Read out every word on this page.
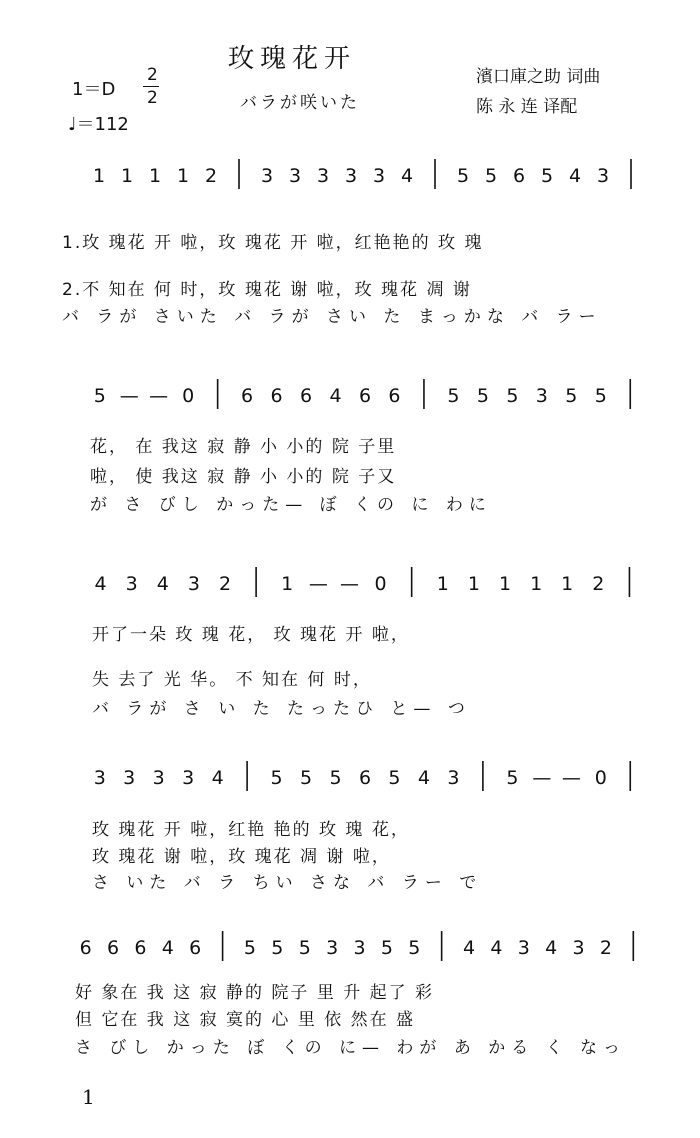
玫瑰花开
バラが咲いた
1＝D
2
2
♩＝112
濱口庫之助 词曲
陈 永 连 译配
1 1 1 1 2 3 3 3 3 3 4 5 5 6 5 4 3
1.玫 瑰花 开 啦，玫 瑰花 开 啦，红艳艳的 玫 瑰
2.不 知在 何 时，玫 瑰花 谢 啦，玫 瑰花 凋 谢
バ ラが さいた バ ラが さい た まっかな バ ラー
5 — — 0 6 6 6 4 6 6 5 5 5 3 5 5
花， 在 我这 寂 静 小 小的 院 子里
啦， 使 我这 寂 静 小 小的 院 子又
が さ びし かった— ぼ くの に わに
4 3 4 3 2	1 — — 0	1 1 1 1 1 2
开了一朵 玫 瑰 花， 玫 瑰花 开 啦，
失 去了 光 华。 不 知在 何 时，
バ ラが さ い た たったひ と— つ
3 3 3 3 4 5 5 5 6 5 4 3 5 — — 0
玫 瑰花 开 啦，红艳 艳的 玫 瑰 花，
玫 瑰花 谢 啦，玫 瑰花 凋 谢 啦，
さ いた バ ラ ちい さな バ ラー で
6 6 6 4 6 5 5 5 3 3 5 5 4 4 3 4 3 2
好 象在 我 这 寂 静的 院子 里 升 起了 彩
但 它在 我 这 寂 寞的 心 里 依 然在 盛
さ びし かった ぼ くの に— わが あ かる く なっ
1
